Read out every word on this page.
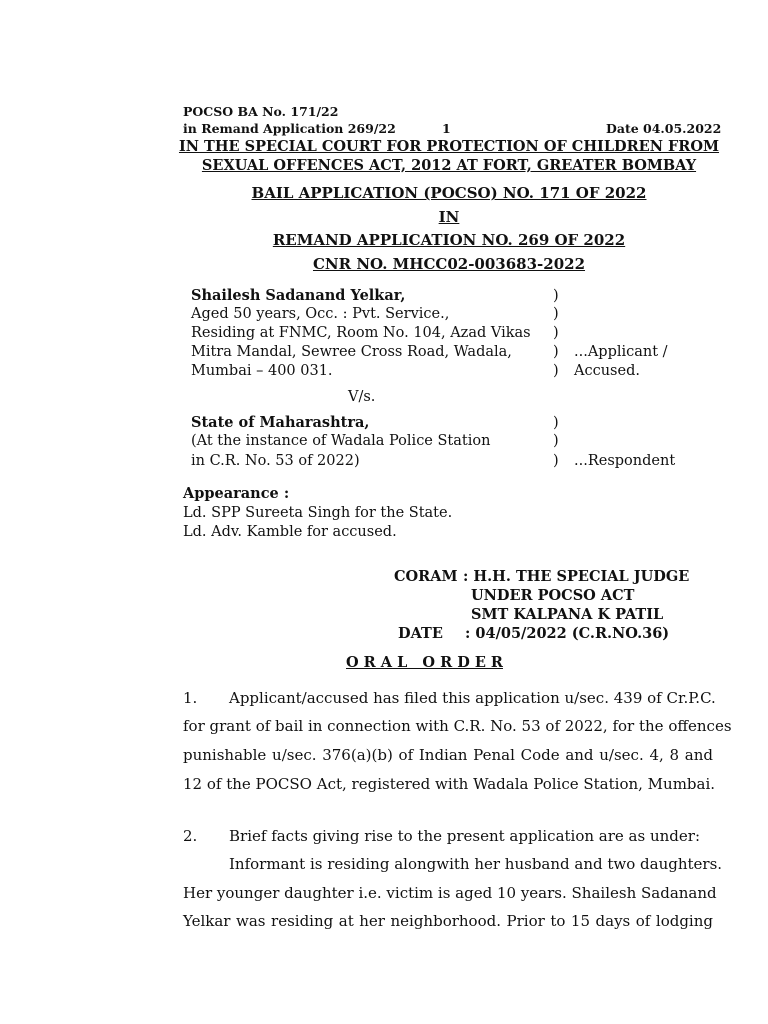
POCSO BA No. 171/22
in Remand Application 269/22	1	Date 04.05.2022
IN THE SPECIAL COURT FOR PROTECTION OF CHILDREN FROM
SEXUAL OFFENCES ACT, 2012 AT FORT, GREATER BOMBAY
BAIL APPLICATION (POCSO) NO. 171 OF 2022
IN
REMAND APPLICATION NO. 269 OF 2022
CNR NO. MHCC02-003683-2022
Shailesh Sadanand Yelkar,
Aged 50 years, Occ. : Pvt. Service.,
Residing at FNMC, Room No. 104, Azad Vikas
Mitra Mandal, Sewree Cross Road, Wadala,
Mumbai – 400 031.
)
)
)
)
)
...Applicant /
Accused.
V/s.
State of Maharashtra,
(At the instance of Wadala Police Station
in C.R. No. 53 of 2022)
)
)
) ...Respondent
Appearance :
Ld. SPP Sureeta Singh for the State.
Ld. Adv. Kamble for accused.
CORAM : H.H. THE SPECIAL JUDGE
UNDER POCSO ACT
SMT KALPANA K PATIL
DATE : 04/05/2022 (C.R.NO.36)
O R A L   O R D E R
1. Applicant/accused has filed this application u/sec. 439 of Cr.P.C.
for grant of bail in connection with C.R. No. 53 of 2022, for the offences
punishable u/sec. 376(a)(b) of Indian Penal Code and u/sec. 4, 8 and
12 of the POCSO Act, registered with Wadala Police Station, Mumbai.
2. Brief facts giving rise to the present application are as under:
Informant is residing alongwith her husband and two daughters.
Her younger daughter i.e. victim is aged 10 years. Shailesh Sadanand
Yelkar was residing at her neighborhood. Prior to 15 days of lodging
